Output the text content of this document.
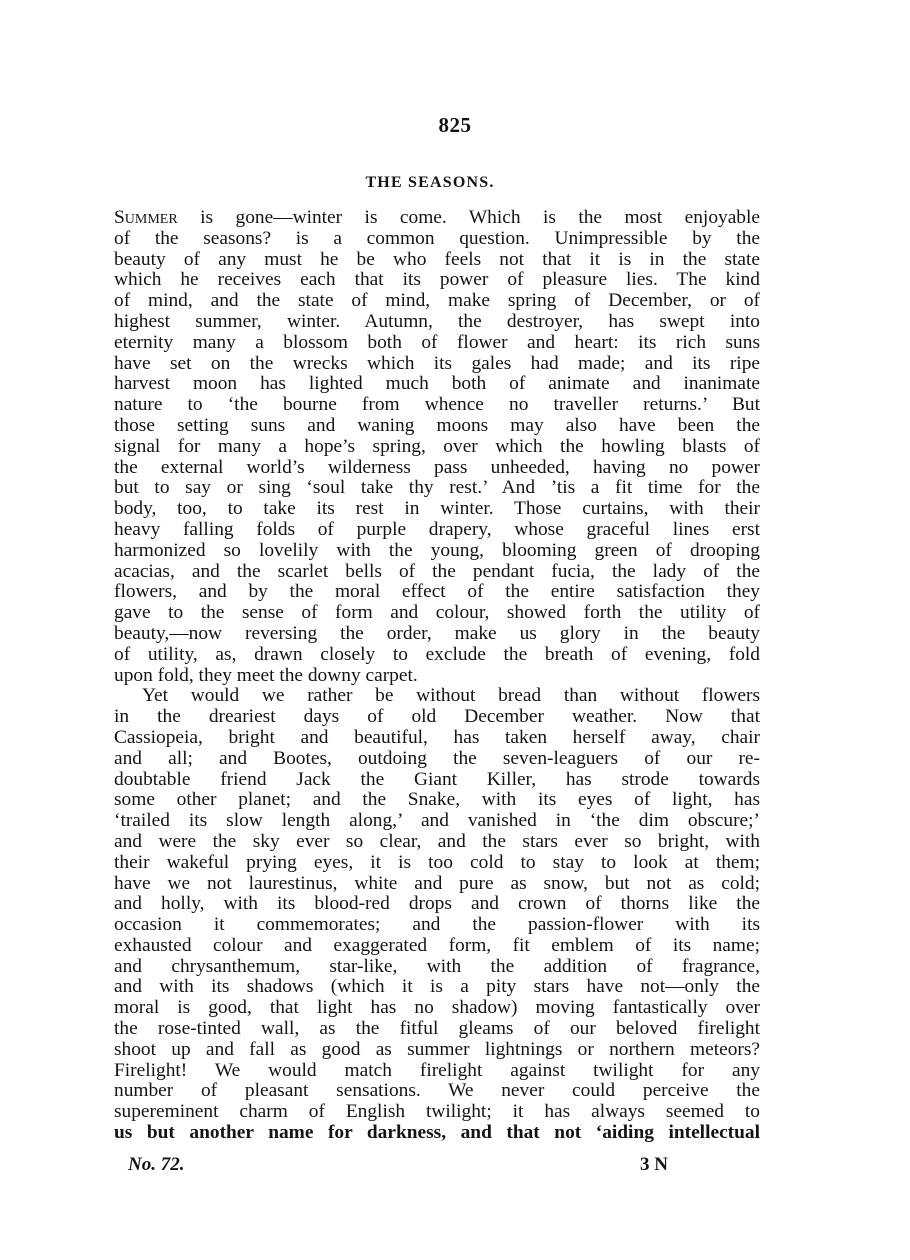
825
THE SEASONS.
Summer is gone—winter is come. Which is the most enjoyable
of the seasons? is a common question. Unimpressible by the
beauty of any must he be who feels not that it is in the state
which he receives each that its power of pleasure lies. The kind
of mind, and the state of mind, make spring of December, or of
highest summer, winter. Autumn, the destroyer, has swept into
eternity many a blossom both of flower and heart: its rich suns
have set on the wrecks which its gales had made; and its ripe
harvest moon has lighted much both of animate and inanimate
nature to ‘the bourne from whence no traveller returns.’ But
those setting suns and waning moons may also have been the
signal for many a hope’s spring, over which the howling blasts of
the external world’s wilderness pass unheeded, having no power
but to say or sing ‘soul take thy rest.’ And ’tis a fit time for the
body, too, to take its rest in winter. Those curtains, with their
heavy falling folds of purple drapery, whose graceful lines erst
harmonized so lovelily with the young, blooming green of drooping
acacias, and the scarlet bells of the pendant fucia, the lady of the
flowers, and by the moral effect of the entire satisfaction they
gave to the sense of form and colour, showed forth the utility of
beauty,—now reversing the order, make us glory in the beauty
of utility, as, drawn closely to exclude the breath of evening, fold
upon fold, they meet the downy carpet.
Yet would we rather be without bread than without flowers
in the dreariest days of old December weather. Now that
Cassiopeia, bright and beautiful, has taken herself away, chair
and all; and Bootes, outdoing the seven-leaguers of our re-
doubtable friend Jack the Giant Killer, has strode towards
some other planet; and the Snake, with its eyes of light, has
‘trailed its slow length along,’ and vanished in ‘the dim obscure;’
and were the sky ever so clear, and the stars ever so bright, with
their wakeful prying eyes, it is too cold to stay to look at them;
have we not laurestinus, white and pure as snow, but not as cold;
and holly, with its blood-red drops and crown of thorns like the
occasion it commemorates; and the passion-flower with its
exhausted colour and exaggerated form, fit emblem of its name;
and chrysanthemum, star-like, with the addition of fragrance,
and with its shadows (which it is a pity stars have not—only the
moral is good, that light has no shadow) moving fantastically over
the rose-tinted wall, as the fitful gleams of our beloved firelight
shoot up and fall as good as summer lightnings or northern meteors?
Firelight! We would match firelight against twilight for any
number of pleasant sensations. We never could perceive the
supereminent charm of English twilight; it has always seemed to
us but another name for darkness, and that not ‘aiding intellectual
No. 72.	3 N
